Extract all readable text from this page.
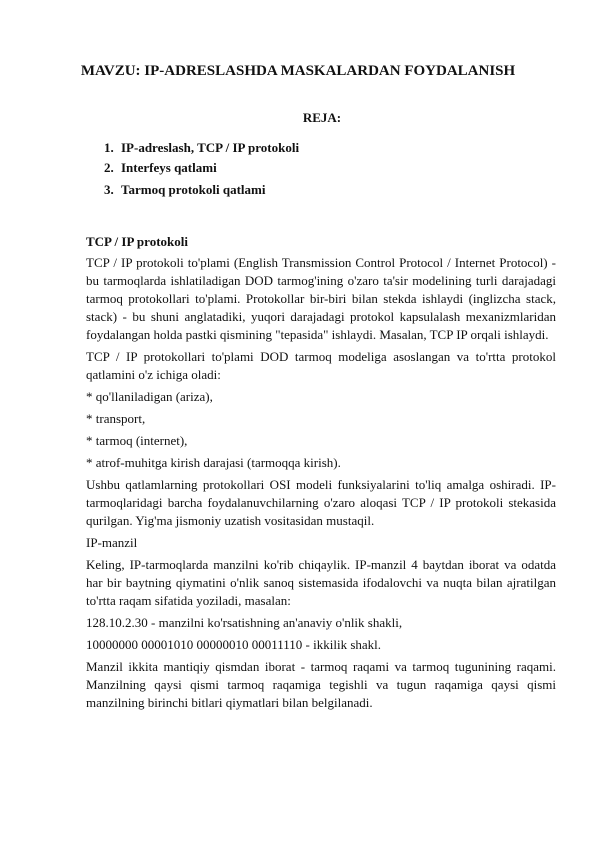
MAVZU: IP-ADRESLASHDA MASKALARDAN FOYDALANISH
REJA:
1. IP-adreslash, TCP / IP protokoli
2. Interfeys qatlami
3. Tarmoq protokoli qatlami

TCP / IP protokoli

TCP / IP protokoli to'plami (English Transmission Control Protocol / Internet Protocol) - bu tarmoqlarda ishlatiladigan DOD tarmog'ining o'zaro ta'sir modelining turli darajadagi tarmoq protokollari to'plami. Protokollar bir-biri bilan stekda ishlaydi (inglizcha stack, stack) - bu shuni anglatadiki, yuqori darajadagi protokol kapsulalash mexanizmlaridan foydalangan holda pastki qismining "tepasida" ishlaydi. Masalan, TCP IP orqali ishlaydi.

TCP / IP protokollari to'plami DOD tarmoq modeliga asoslangan va to'rtta protokol qatlamini o'z ichiga oladi:

* qo'llaniladigan (ariza),

* transport,

* tarmoq (internet),

* atrof-muhitga kirish darajasi (tarmoqqa kirish).

Ushbu qatlamlarning protokollari OSI modeli funksiyalarini to'liq amalga oshiradi. IP-tarmoqlaridagi barcha foydalanuvchilarning o'zaro aloqasi TCP / IP protokoli stekasida qurilgan. Yig'ma jismoniy uzatish vositasidan mustaqil.

IP-manzil

Keling, IP-tarmoqlarda manzilni ko'rib chiqaylik. IP-manzil 4 baytdan iborat va odatda har bir baytning qiymatini o'nlik sanoq sistemasida ifodalovchi va nuqta bilan ajratilgan to'rtta raqam sifatida yoziladi, masalan:

128.10.2.30 - manzilni ko'rsatishning an'anaviy o'nlik shakli,

10000000 00001010 00000010 00011110 - ikkilik shakl.

Manzil ikkita mantiqiy qismdan iborat - tarmoq raqami va tarmoq tugunining raqami. Manzilning qaysi qismi tarmoq raqamiga tegishli va tugun raqamiga qaysi qismi manzilning birinchi bitlari qiymatlari bilan belgilanadi.
